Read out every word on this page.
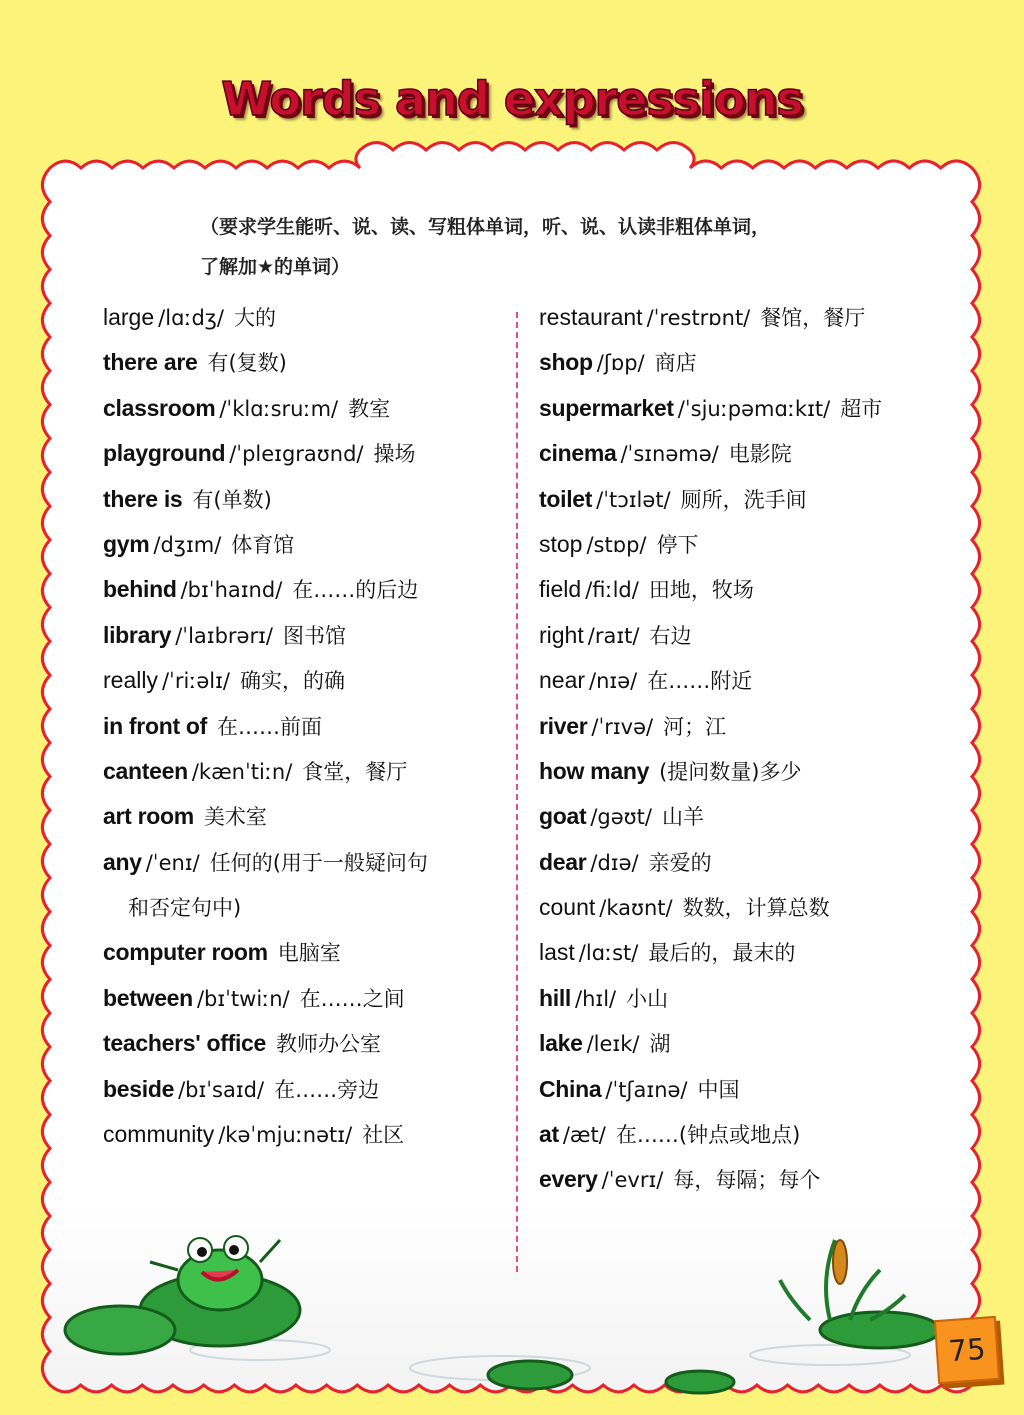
Words and expressions
（要求学生能听、说、读、写粗体单词，听、说、认读非粗体单词，
了解加★的单词）
large /lɑːdʒ/ 大的
there are 有(复数)
classroom /ˈklɑːsruːm/ 教室
playground /ˈpleɪgraʊnd/ 操场
there is 有(单数)
gym /dʒɪm/ 体育馆
behind /bɪˈhaɪnd/ 在……的后边
library /ˈlaɪbrərɪ/ 图书馆
really /ˈriːəlɪ/ 确实，的确
in front of 在……前面
canteen /kænˈtiːn/ 食堂，餐厅
art room 美术室
any /ˈenɪ/ 任何的(用于一般疑问句
和否定句中)
computer room 电脑室
between /bɪˈtwiːn/ 在……之间
teachers' office 教师办公室
beside /bɪˈsaɪd/ 在……旁边
community /kəˈmjuːnətɪ/ 社区
restaurant /ˈrestrɒnt/ 餐馆，餐厅
shop /ʃɒp/ 商店
supermarket /ˈsjuːpəmɑːkɪt/ 超市
cinema /ˈsɪnəmə/ 电影院
toilet /ˈtɔɪlət/ 厕所，洗手间
stop /stɒp/ 停下
field /fiːld/ 田地，牧场
right /raɪt/ 右边
near /nɪə/ 在……附近
river /ˈrɪvə/ 河；江
how many (提问数量)多少
goat /gəʊt/ 山羊
dear /dɪə/ 亲爱的
count /kaʊnt/ 数数，计算总数
last /lɑːst/ 最后的，最末的
hill /hɪl/ 小山
lake /leɪk/ 湖
China /ˈtʃaɪnə/ 中国
at /æt/ 在……(钟点或地点)
every /ˈevrɪ/ 每，每隔；每个
75
